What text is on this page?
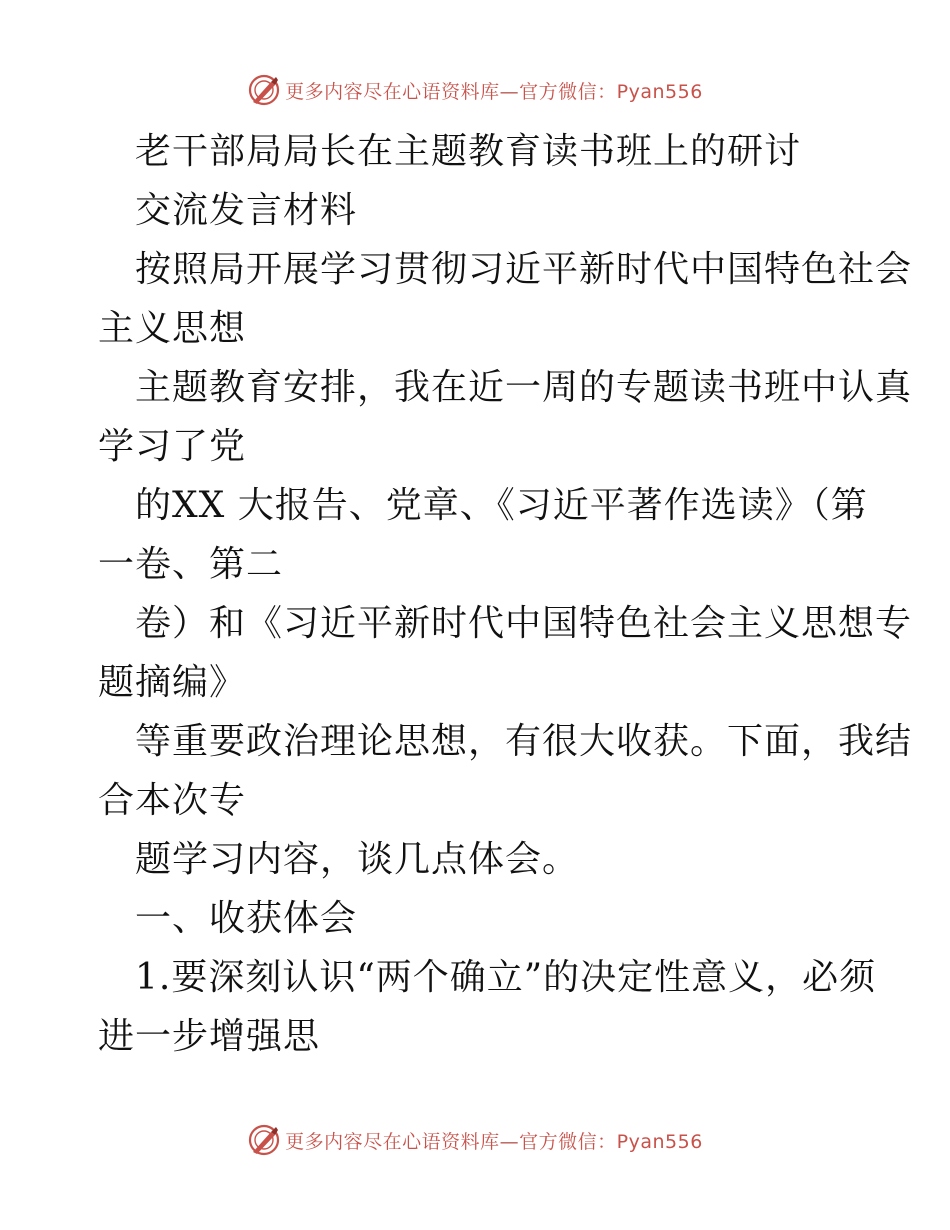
更多内容尽在心语资料库—官方微信：Pyan556
老干部局局长在主题教育读书班上的研讨
交流发言材料
按照局开展学习贯彻习近平新时代中国特色社会
主义思想
主题教育安排，我在近一周的专题读书班中认真
学习了党
的XX 大报告、党章、《习近平著作选读》（第
一卷、第二
卷）和《习近平新时代中国特色社会主义思想专
题摘编》
等重要政治理论思想，有很大收获。下面，我结
合本次专
题学习内容，谈几点体会。
一、收获体会
1.要深刻认识“两个确立”的决定性意义，必须
进一步增强思
更多内容尽在心语资料库—官方微信：Pyan556
